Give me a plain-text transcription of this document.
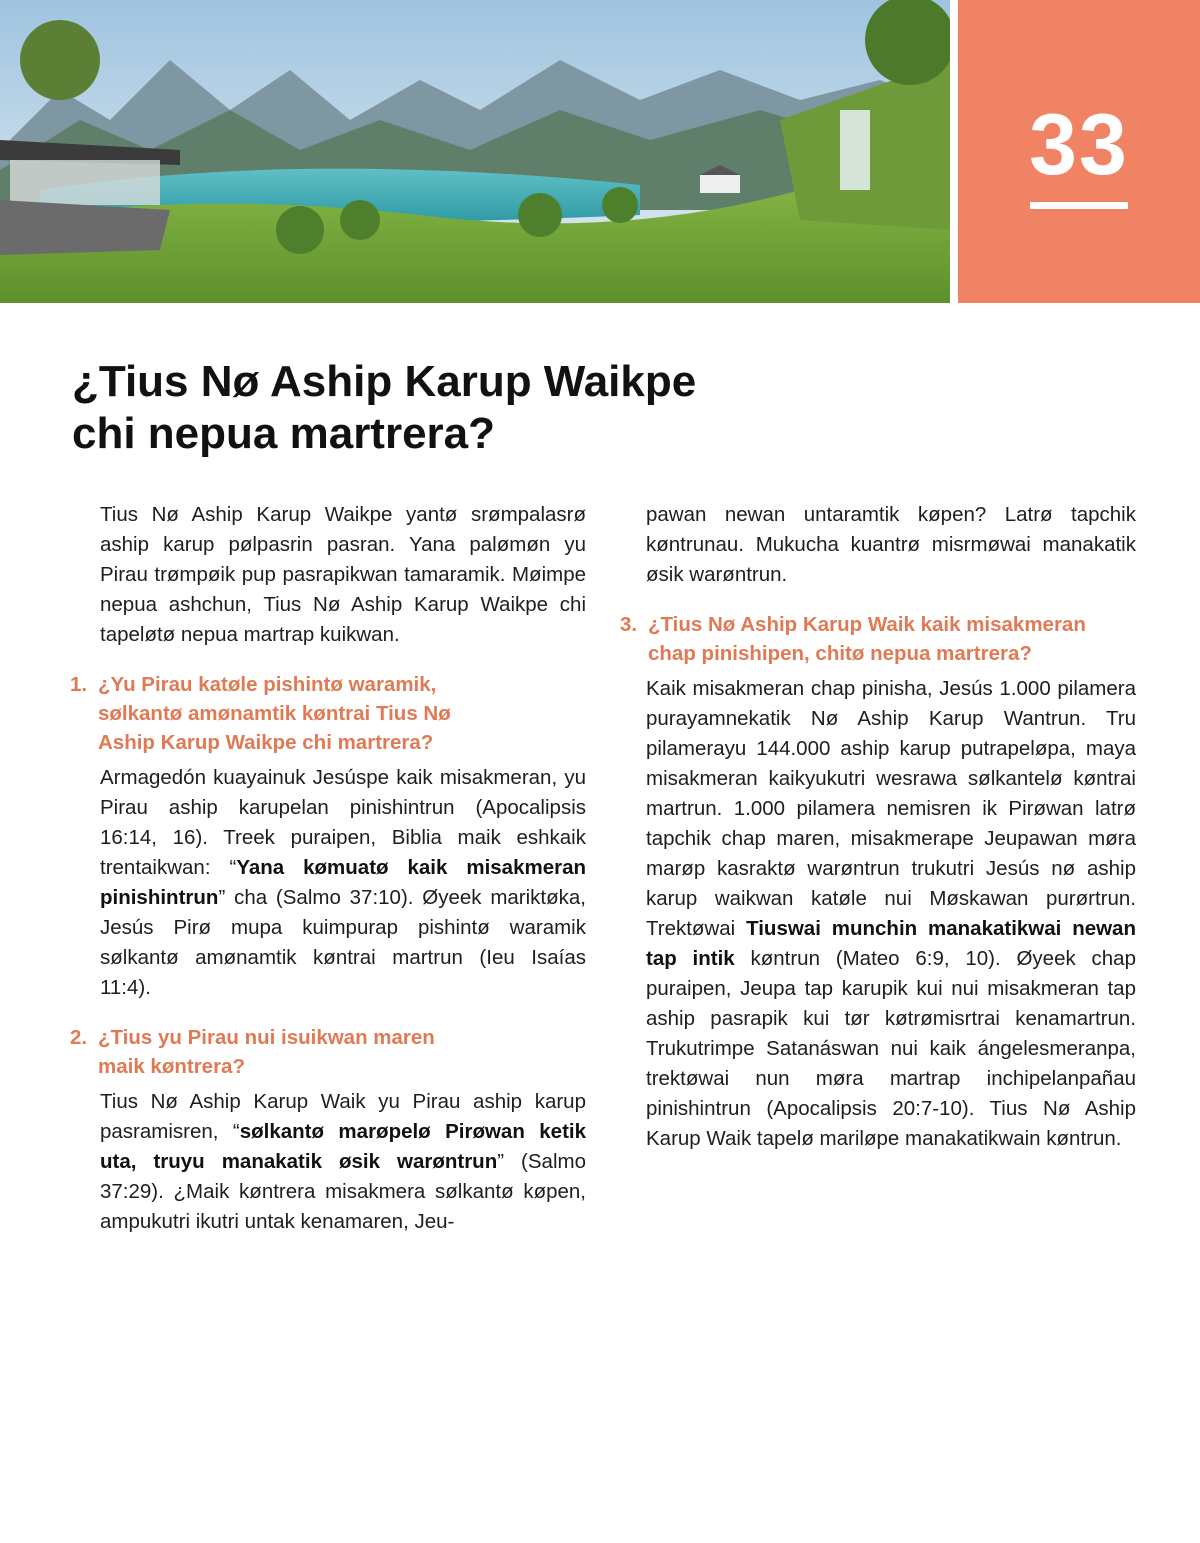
33
¿Tius Nø Aship Karup Waikpe
chi nepua martrera?

Tius Nø Aship Karup Waikpe yantø srømpalasrø aship karup pølpasrin pasran. Yana palømøn yu Pirau trømpøik pup pasrapikwan tamaramik. Møimpe nepua ashchun, Tius Nø Aship Karup Waikpe chi tapeløtø nepua martrap kuikwan.

1. ¿Yu Pirau katøle pishintø waramik,
sølkantø amønamtik køntrai Tius Nø
Aship Karup Waikpe chi martrera?

Armagedón kuayainuk Jesúspe kaik misakmeran, yu Pirau aship karupelan pinishintrun (Apocalipsis 16:14, 16). Treek puraipen, Biblia maik eshkaik trentaikwan: “Yana kømuatø kaik misakmeran pinishintrun” cha (Salmo 37:10). Øyeek mariktøka, Jesús Pirø mupa kuimpurap pishintø waramik sølkantø amønamtik køntrai martrun (Ieu Isaías 11:4).

2. ¿Tius yu Pirau nui isuikwan maren
maik køntrera?

Tius Nø Aship Karup Waik yu Pirau aship karup pasramisren, “sølkantø marøpelø Pirøwan ketik uta, truyu manakatik øsik warøntrun” (Salmo 37:29). ¿Maik køntrera misakmera sølkantø køpen, ampukutri ikutri untak kenamaren, Jeu-

pawan newan untaramtik køpen? Latrø tapchik køntrunau. Mukucha kuantrø misrmøwai manakatik øsik warøntrun.

3. ¿Tius Nø Aship Karup Waik kaik misakmeran
chap pinishipen, chitø nepua martrera?

Kaik misakmeran chap pinisha, Jesús 1.000 pilamera purayamnekatik Nø Aship Karup Wantrun. Tru pilamerayu 144.000 aship karup putrapeløpa, maya misakmeran kaikyukutri wesrawa sølkantelø køntrai martrun. 1.000 pilamera nemisren ik Pirøwan latrø tapchik chap maren, misakmerape Jeupawan møra marøp kasraktø warøntrun trukutri Jesús nø aship karup waikwan katøle nui Møskawan purørtrun. Trektøwai Tiuswai munchin manakatikwai newan tap intik køntrun (Mateo 6:9, 10). Øyeek chap puraipen, Jeupa tap karupik kui nui misakmeran tap aship pasrapik kui tør køtrømisrtrai kenamartrun. Trukutrimpe Satanáswan nui kaik ángelesmeranpa, trektøwai nun møra martrap inchipelanpañau pinishintrun (Apocalipsis 20:7-10). Tius Nø Aship Karup Waik tapelø mariløpe manakatikwain køntrun.
